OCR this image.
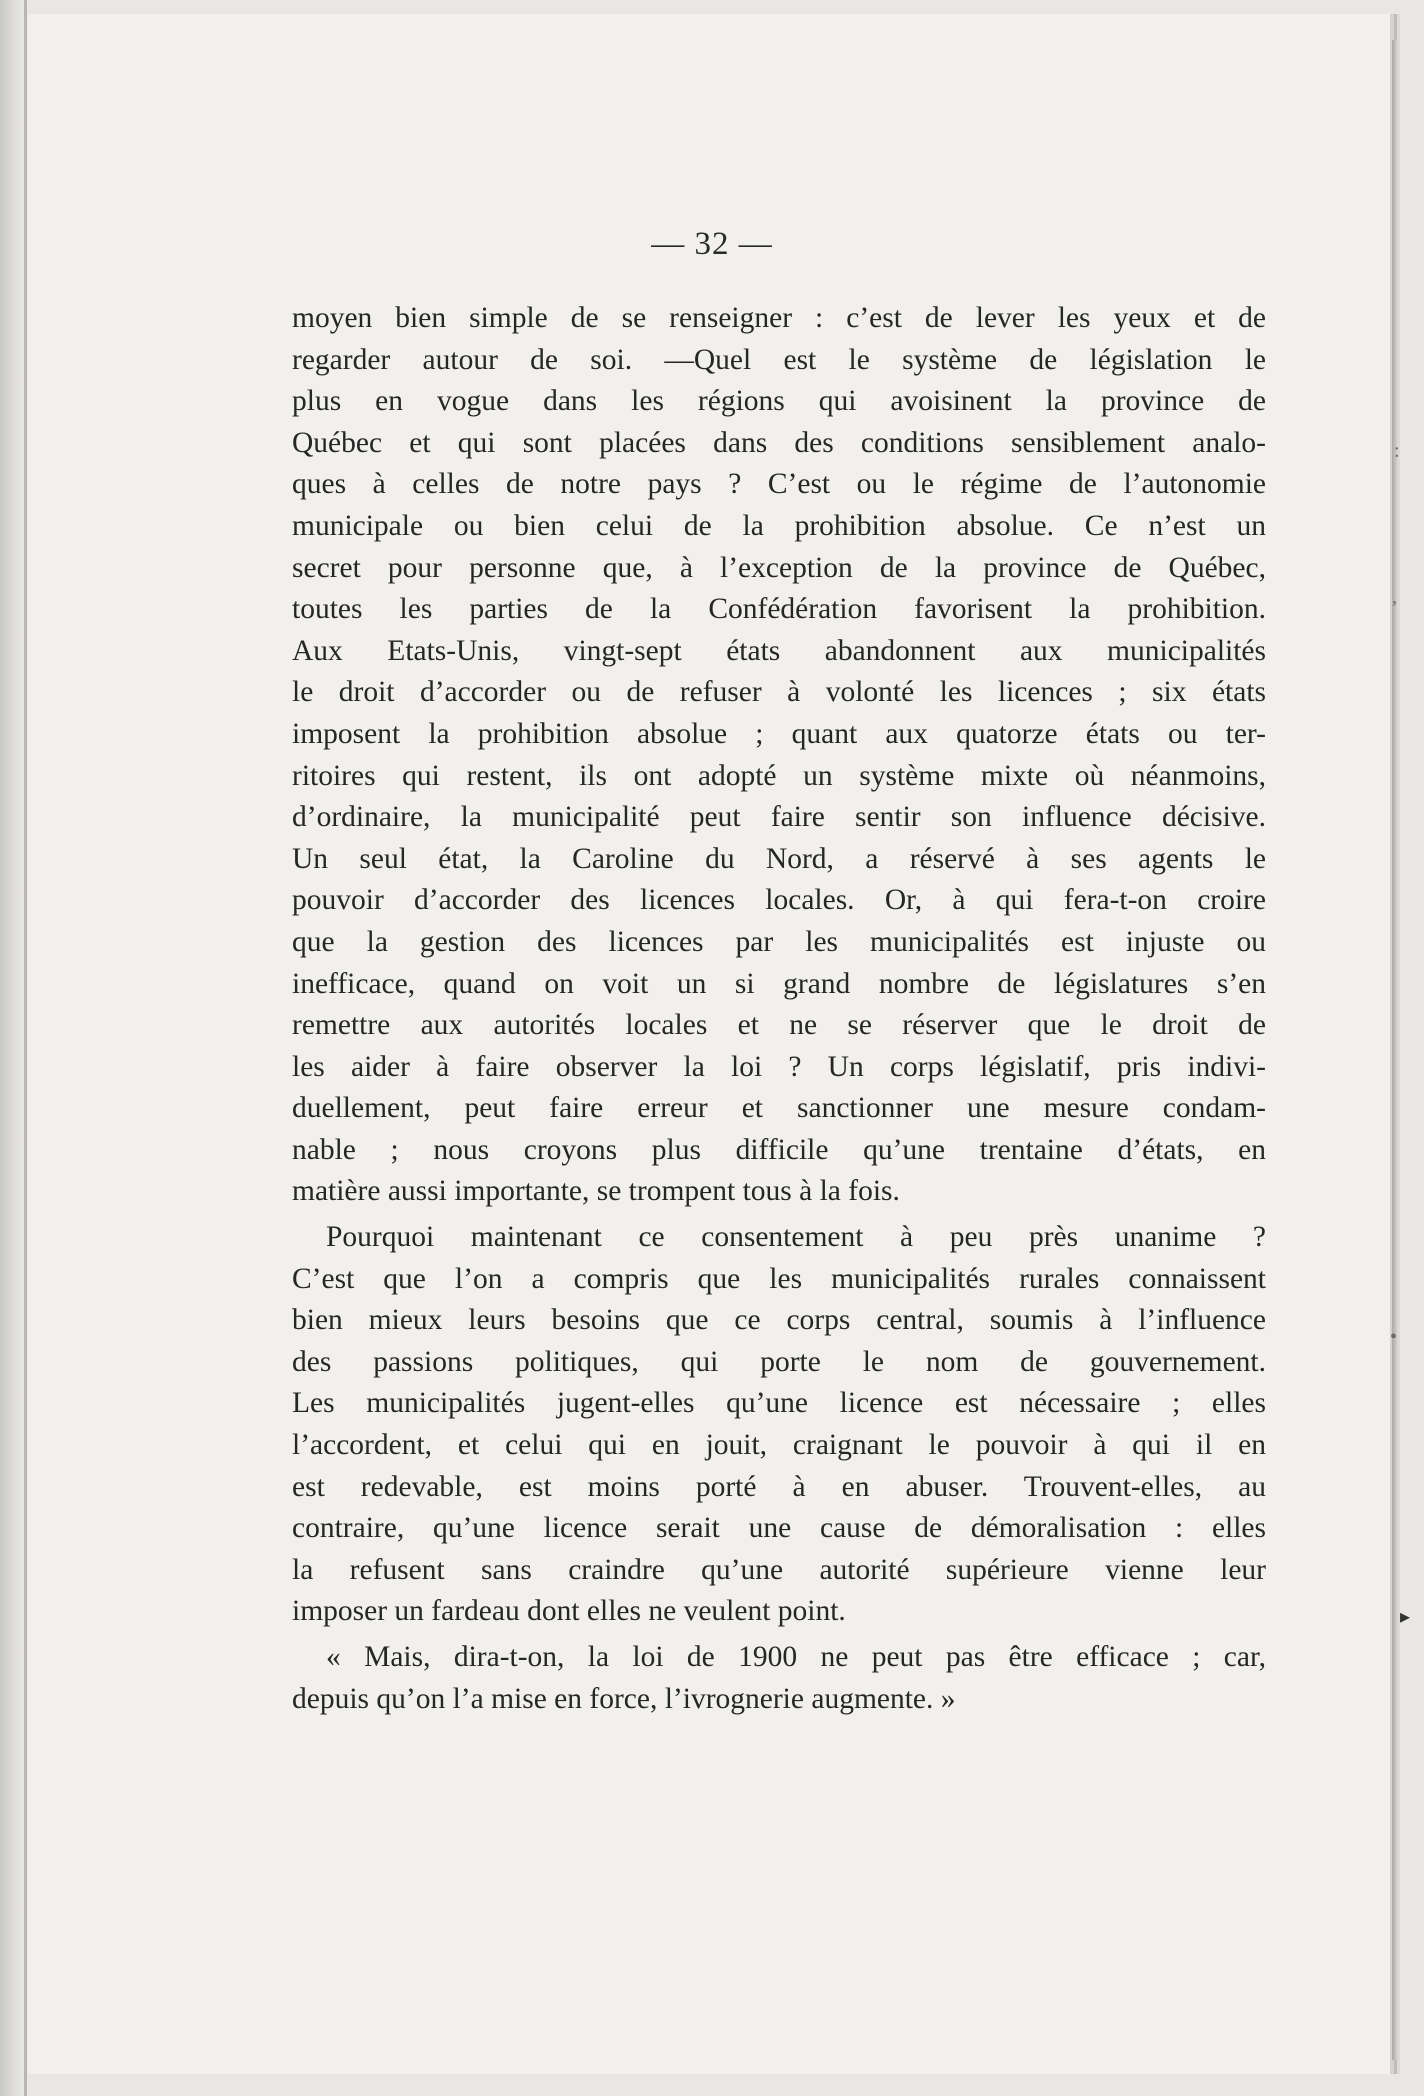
— 32 —
moyen bien simple de se renseigner : c’est de lever les yeux et de
regarder autour de soi. —Quel est le système de législation le
plus en vogue dans les régions qui avoisinent la province de
Québec et qui sont placées dans des conditions sensiblement analo-
ques à celles de notre pays ? C’est ou le régime de l’autonomie
municipale ou bien celui de la prohibition absolue. Ce n’est un
secret pour personne que, à l’exception de la province de Québec,
toutes les parties de la Confédération favorisent la prohibition.
Aux Etats-Unis, vingt-sept états abandonnent aux municipalités
le droit d’accorder ou de refuser à volonté les licences ; six états
imposent la prohibition absolue ; quant aux quatorze états ou ter-
ritoires qui restent, ils ont adopté un système mixte où néanmoins,
d’ordinaire, la municipalité peut faire sentir son influence décisive.
Un seul état, la Caroline du Nord, a réservé à ses agents le
pouvoir d’accorder des licences locales. Or, à qui fera-t-on croire
que la gestion des licences par les municipalités est injuste ou
inefficace, quand on voit un si grand nombre de législatures s’en
remettre aux autorités locales et ne se réserver que le droit de
les aider à faire observer la loi ? Un corps législatif, pris indivi-
duellement, peut faire erreur et sanctionner une mesure condam-
nable ; nous croyons plus difficile qu’une trentaine d’états, en
matière aussi importante, se trompent tous à la fois.
Pourquoi maintenant ce consentement à peu près unanime ?
C’est que l’on a compris que les municipalités rurales connaissent
bien mieux leurs besoins que ce corps central, soumis à l’influence
des passions politiques, qui porte le nom de gouvernement.
Les municipalités jugent-elles qu’une licence est nécessaire ; elles
l’accordent, et celui qui en jouit, craignant le pouvoir à qui il en
est redevable, est moins porté à en abuser. Trouvent-elles, au
contraire, qu’une licence serait une cause de démoralisation : elles
la refusent sans craindre qu’une autorité supérieure vienne leur
imposer un fardeau dont elles ne veulent point.
« Mais, dira-t-on, la loi de 1900 ne peut pas être efficace ; car,
depuis qu’on l’a mise en force, l’ivrognerie augmente. »
:
,
•
▸
